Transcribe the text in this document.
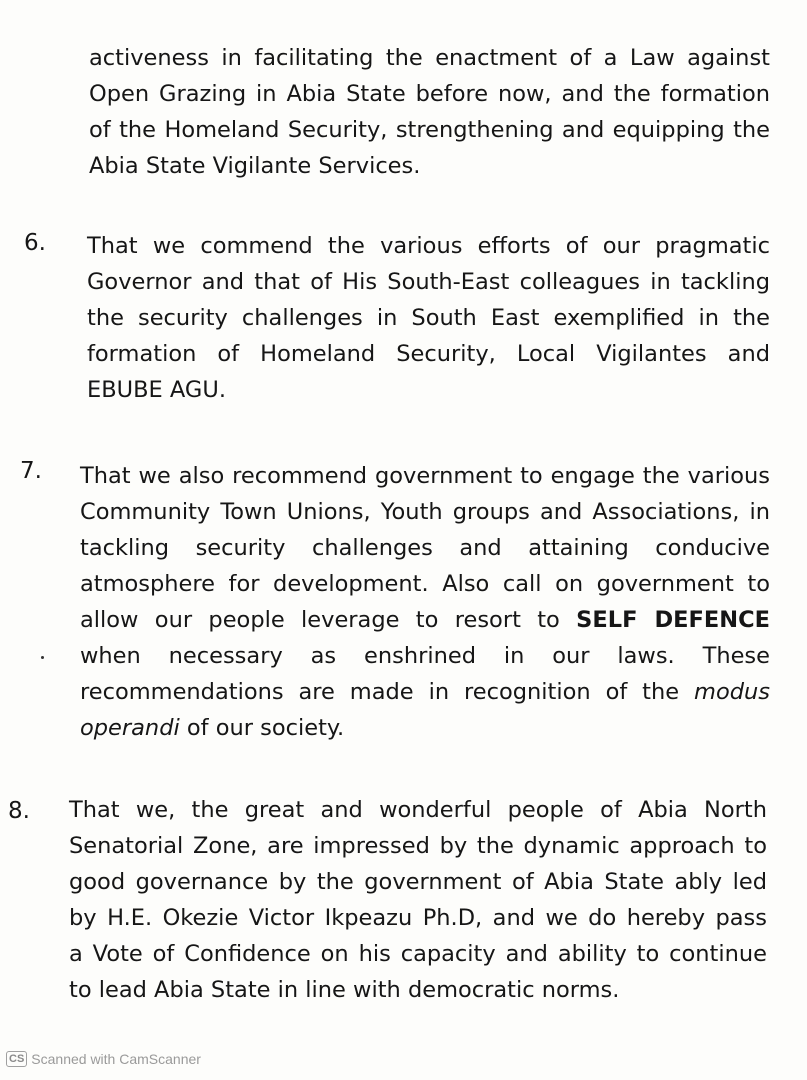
activeness in facilitating the enactment of a Law against
Open Grazing in Abia State before now, and the formation
of the Homeland Security, strengthening and equipping the
Abia State Vigilante Services.
6. That we commend the various efforts of our pragmatic
Governor and that of His South-East colleagues in tackling
the security challenges in South East exemplified in the
formation of Homeland Security, Local Vigilantes and
EBUBE AGU.
7. That we also recommend government to engage the various
Community Town Unions, Youth groups and Associations, in
tackling security challenges and attaining conducive
atmosphere for development. Also call on government to
allow our people leverage to resort to SELF DEFENCE
when necessary as enshrined in our laws. These
recommendations are made in recognition of the modus
operandi of our society.
8. That we, the great and wonderful people of Abia North
Senatorial Zone, are impressed by the dynamic approach to
good governance by the government of Abia State ably led
by H.E. Okezie Victor Ikpeazu Ph.D, and we do hereby pass
a Vote of Confidence on his capacity and ability to continue
to lead Abia State in line with democratic norms.
CS Scanned with CamScanner
